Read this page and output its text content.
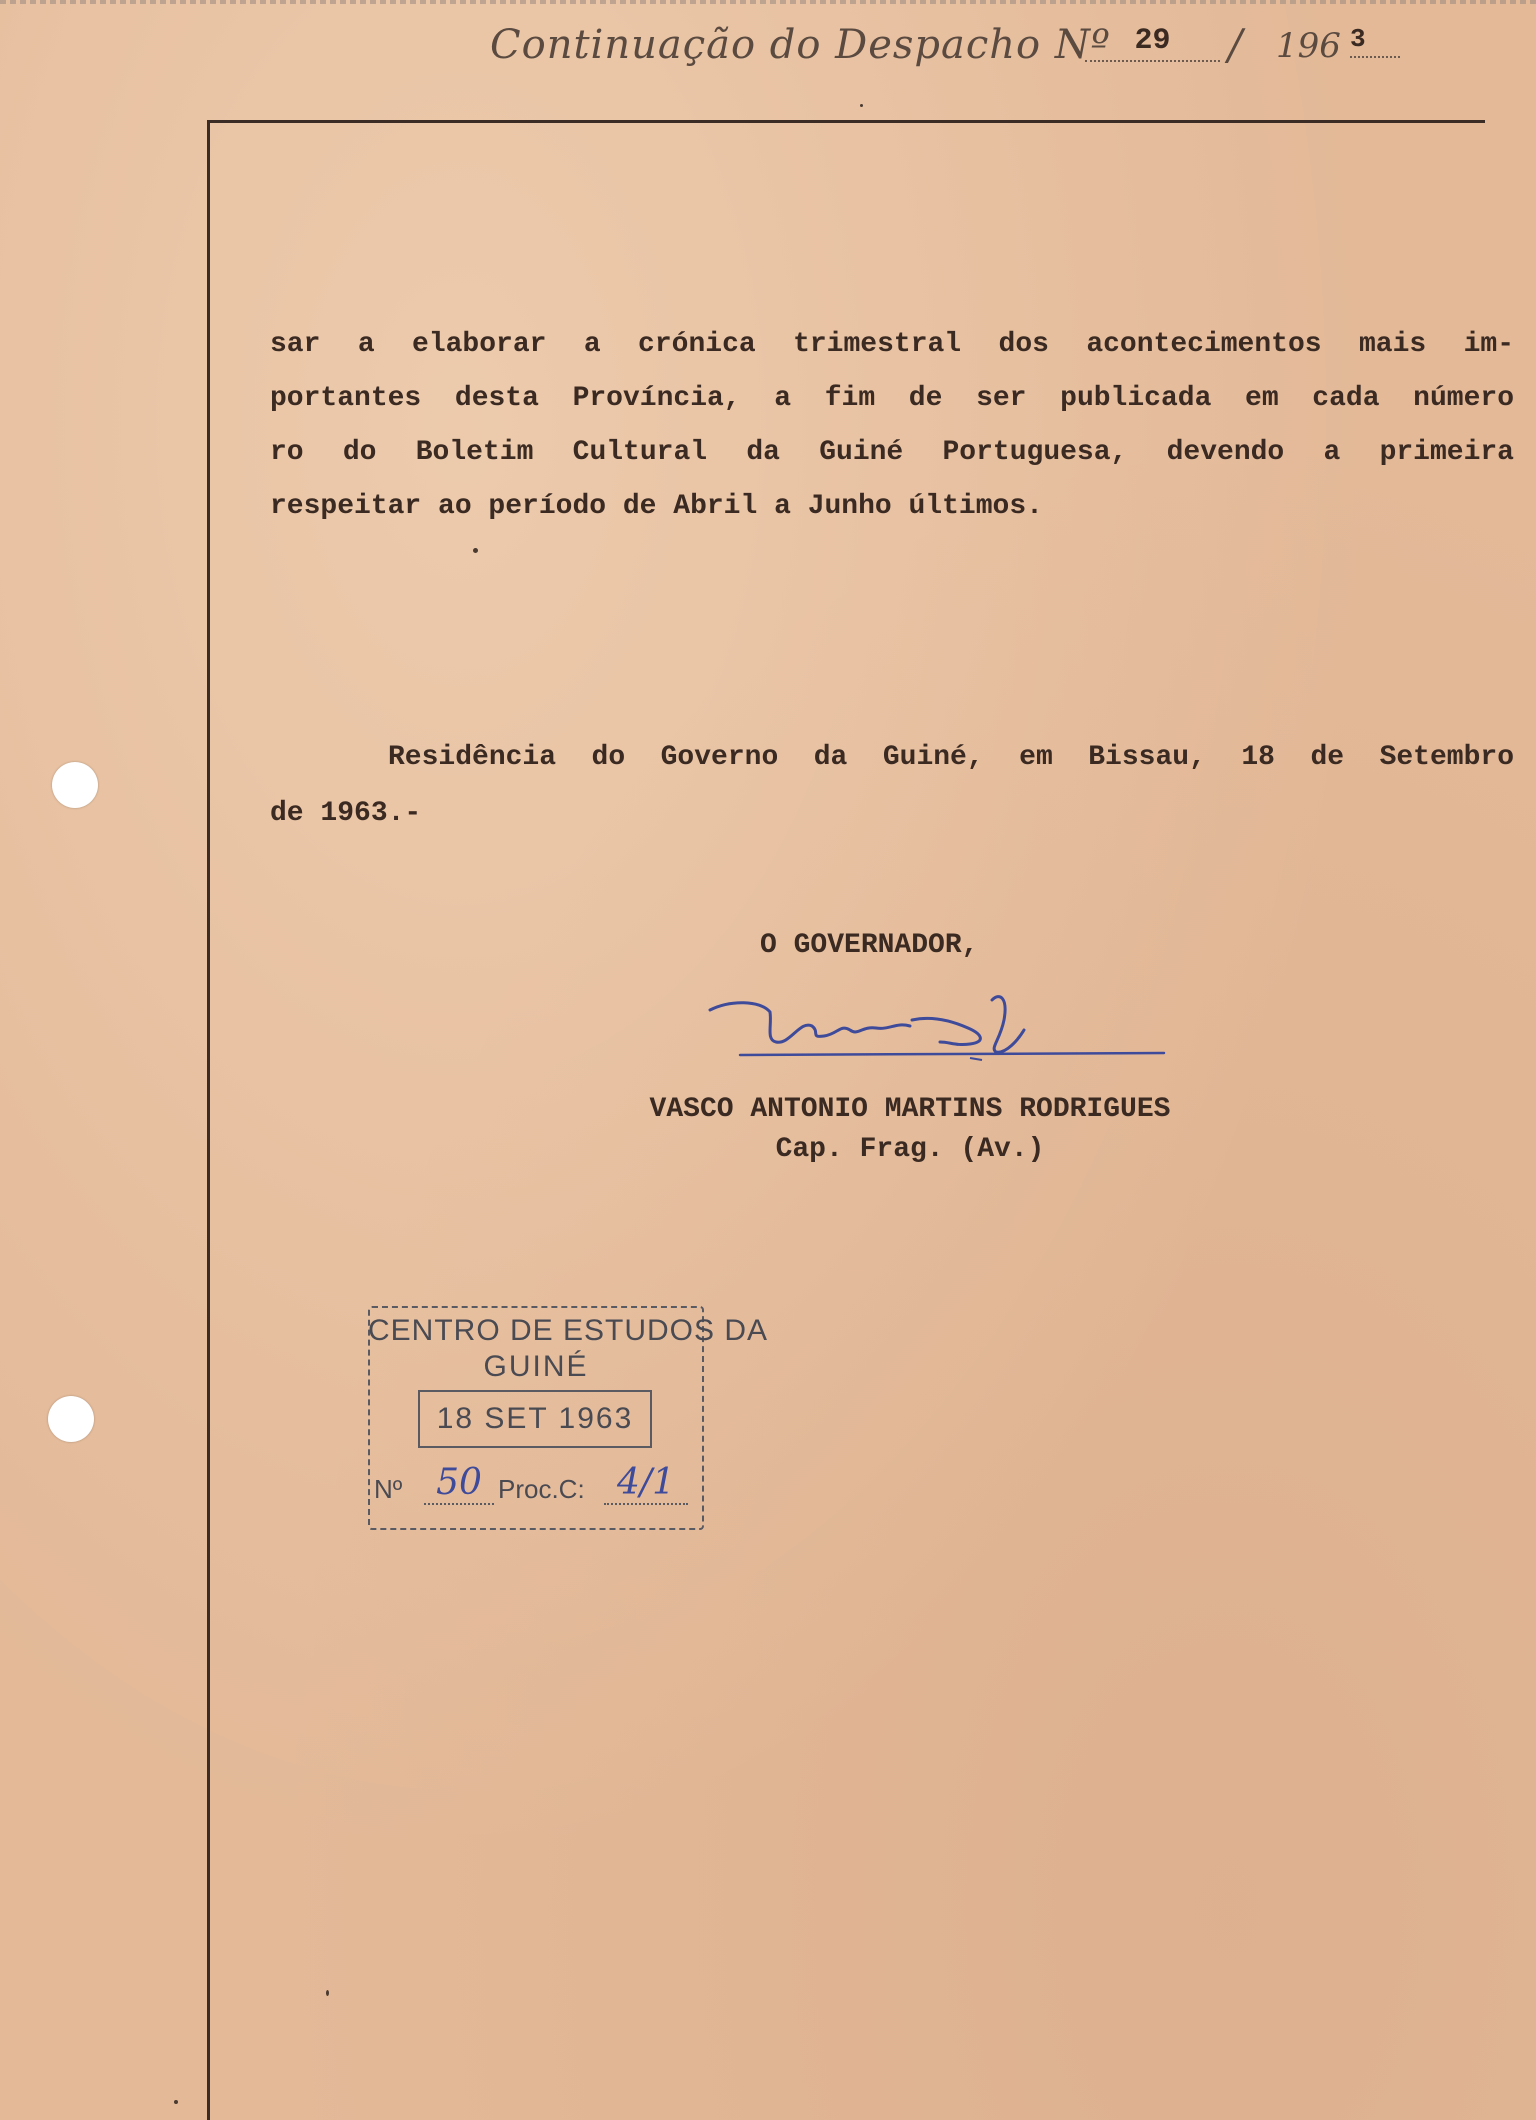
Continuação do Despacho Nº 29	/ 196 3
sar a elaborar a crónica trimestral dos acontecimentos mais im-
portantes desta Província, a fim de ser publicada em cada número
ro do Boletim Cultural da Guiné Portuguesa, devendo a primeira
respeitar ao período de Abril a Junho últimos.
Residência do Governo da Guiné, em Bissau, 18 de Setembro
de 1963.-
O GOVERNADOR,
VASCO ANTONIO MARTINS RODRIGUES
Cap. Frag. (Av.)
CENTRO DE ESTUDOS DA
GUINÉ
18 SET 1963
Nº 50 Proc.C: 4/1
